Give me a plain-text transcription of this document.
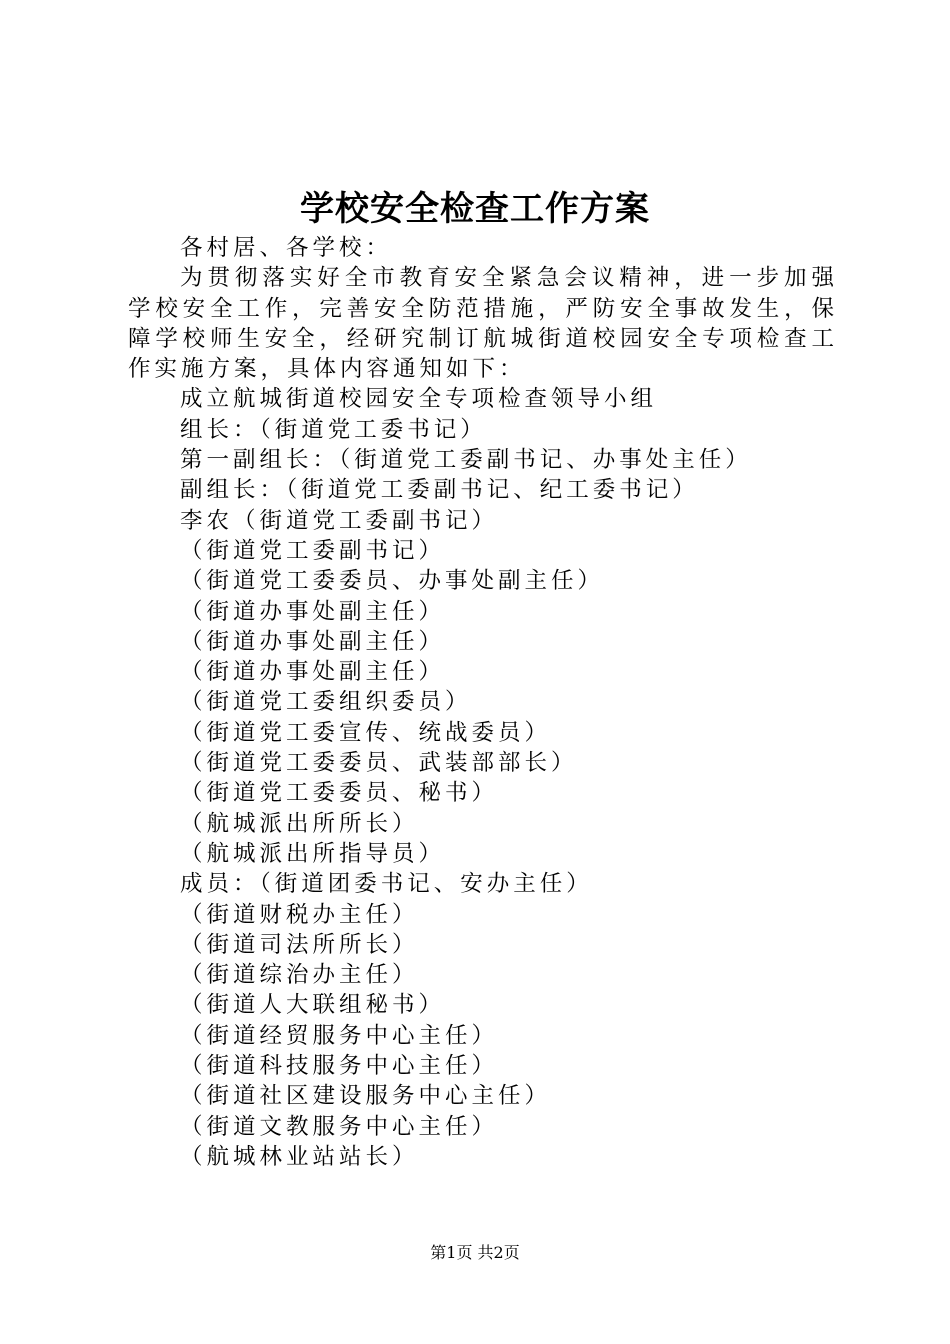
学校安全检查工作方案
各村居、各学校：
为贯彻落实好全市教育安全紧急会议精神，进一步加强学校安全工作，完善安全防范措施，严防安全事故发生，保障学校师生安全，经研究制订航城街道校园安全专项检查工作实施方案，具体内容通知如下：
成立航城街道校园安全专项检查领导小组
组长：（街道党工委书记）
第一副组长：（街道党工委副书记、办事处主任）
副组长：（街道党工委副书记、纪工委书记）
李农（街道党工委副书记）
（街道党工委副书记）
（街道党工委委员、办事处副主任）
（街道办事处副主任）
（街道办事处副主任）
（街道办事处副主任）
（街道党工委组织委员）
（街道党工委宣传、统战委员）
（街道党工委委员、武装部部长）
（街道党工委委员、秘书）
（航城派出所所长）
（航城派出所指导员）
成员：（街道团委书记、安办主任）
（街道财税办主任）
（街道司法所所长）
（街道综治办主任）
（街道人大联组秘书）
（街道经贸服务中心主任）
（街道科技服务中心主任）
（街道社区建设服务中心主任）
（街道文教服务中心主任）
（航城林业站站长）
第1页 共2页
